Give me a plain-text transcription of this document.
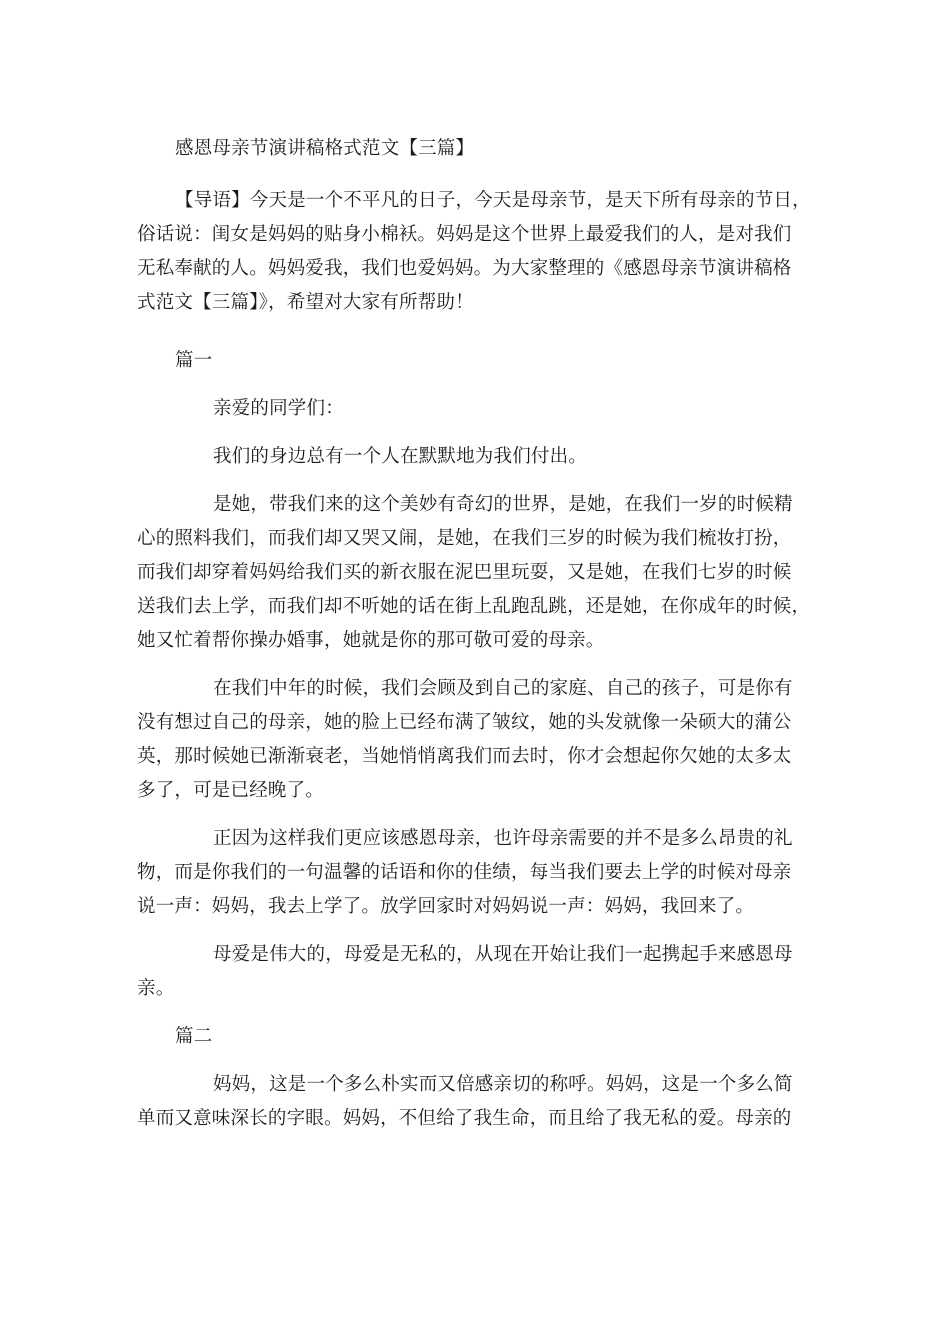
感恩母亲节演讲稿格式范文【三篇】
【导语】今天是一个不平凡的日子，今天是母亲节，是天下所有母亲的节日，
俗话说：闺女是妈妈的贴身小棉袄。妈妈是这个世界上最爱我们的人，是对我们
无私奉献的人。妈妈爱我，我们也爱妈妈。为大家整理的《感恩母亲节演讲稿格
式范文【三篇】》，希望对大家有所帮助！
篇一
亲爱的同学们：
我们的身边总有一个人在默默地为我们付出。
是她，带我们来的这个美妙有奇幻的世界，是她，在我们一岁的时候精
心的照料我们，而我们却又哭又闹，是她，在我们三岁的时候为我们梳妆打扮，
而我们却穿着妈妈给我们买的新衣服在泥巴里玩耍，又是她，在我们七岁的时候
送我们去上学，而我们却不听她的话在街上乱跑乱跳，还是她，在你成年的时候，
她又忙着帮你操办婚事，她就是你的那可敬可爱的母亲。
在我们中年的时候，我们会顾及到自己的家庭、自己的孩子，可是你有
没有想过自己的母亲，她的脸上已经布满了皱纹，她的头发就像一朵硕大的蒲公
英，那时候她已渐渐衰老，当她悄悄离我们而去时，你才会想起你欠她的太多太
多了，可是已经晚了。
正因为这样我们更应该感恩母亲，也许母亲需要的并不是多么昂贵的礼
物，而是你我们的一句温馨的话语和你的佳绩，每当我们要去上学的时候对母亲
说一声：妈妈，我去上学了。放学回家时对妈妈说一声：妈妈，我回来了。
母爱是伟大的，母爱是无私的，从现在开始让我们一起携起手来感恩母
亲。
篇二
妈妈，这是一个多么朴实而又倍感亲切的称呼。妈妈，这是一个多么简
单而又意味深长的字眼。妈妈，不但给了我生命，而且给了我无私的爱。母亲的
